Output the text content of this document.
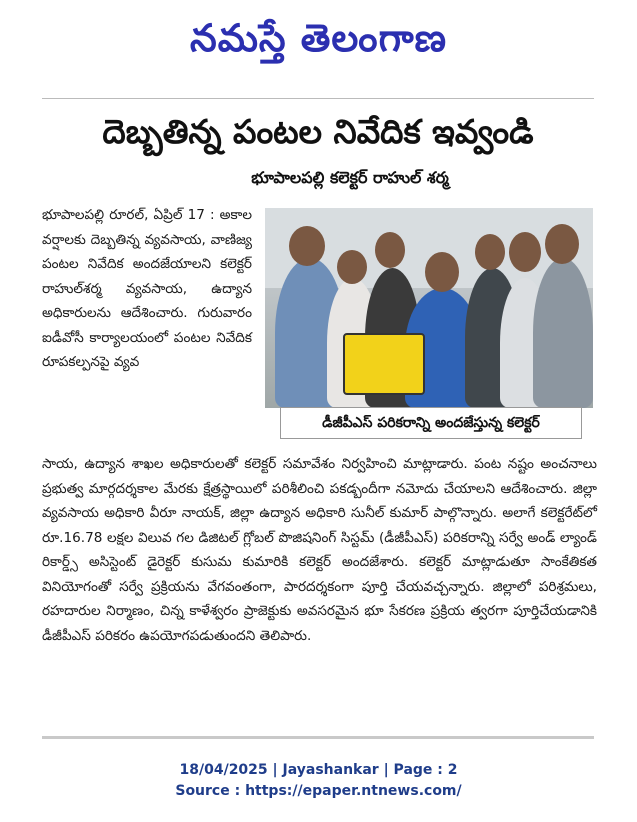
నమస్తే తెలంగాణ
దెబ్బతిన్న పంటల నివేదిక ఇవ్వండి
భూపాలపల్లి కలెక్టర్ రాహుల్ శర్మ
భూపాలపల్లి రూరల్, ఏప్రిల్ 17 : అకాల వర్షాలకు దెబ్బతిన్న వ్యవసాయ, వాణిజ్య పంటల నివేదిక అందజేయాలని కలెక్టర్ రాహుల్‌శర్మ వ్యవసాయ, ఉద్యాన అధికారులను ఆదేశించారు. గురువారం ఐడీవోసీ కార్యాలయంలో పంటల నివేదిక రూపకల్పనపై వ్యవ
డీజీపీఎస్ పరికరాన్ని అందజేస్తున్న కలెక్టర్
సాయ, ఉద్యాన శాఖల అధికారులతో కలెక్టర్ సమావేశం నిర్వహించి మాట్లాడారు. పంట నష్టం అంచనాలు ప్రభుత్వ మార్గదర్శకాల మేరకు క్షేత్రస్థాయిలో పరిశీలించి పకడ్బందీగా నమోదు చేయాలని ఆదేశించారు. జిల్లా వ్యవసాయ అధికారి వీరూ నాయక్, జిల్లా ఉద్యాన అధికారి సునీల్ కుమార్ పాల్గొన్నారు. అలాగే కలెక్టరేట్‌లో రూ.16.78 లక్షల విలువ గల డిజిటల్ గ్లోబల్ పొజిషనింగ్ సిస్టమ్ (డీజీపీఎస్) పరికరాన్ని సర్వే అండ్ ల్యాండ్ రికార్డ్స్ అసిస్టెంట్ డైరెక్టర్ కుసుమ కుమారికి కలెక్టర్ అందజేశారు. కలెక్టర్ మాట్లాడుతూ సాంకేతికత వినియోగంతో సర్వే ప్రక్రియను వేగవంతంగా, పారదర్శకంగా పూర్తి చేయవచ్చన్నారు. జిల్లాలో పరిశ్రమలు, రహదారుల నిర్మాణం, చిన్న కాళేశ్వరం ప్రాజెక్టుకు అవసరమైన భూ సేకరణ ప్రక్రియ త్వరగా పూర్తిచేయడానికి డీజీపీఎస్ పరికరం ఉపయోగపడుతుందని తెలిపారు.
18/04/2025 | Jayashankar | Page : 2
Source : https://epaper.ntnews.com/
